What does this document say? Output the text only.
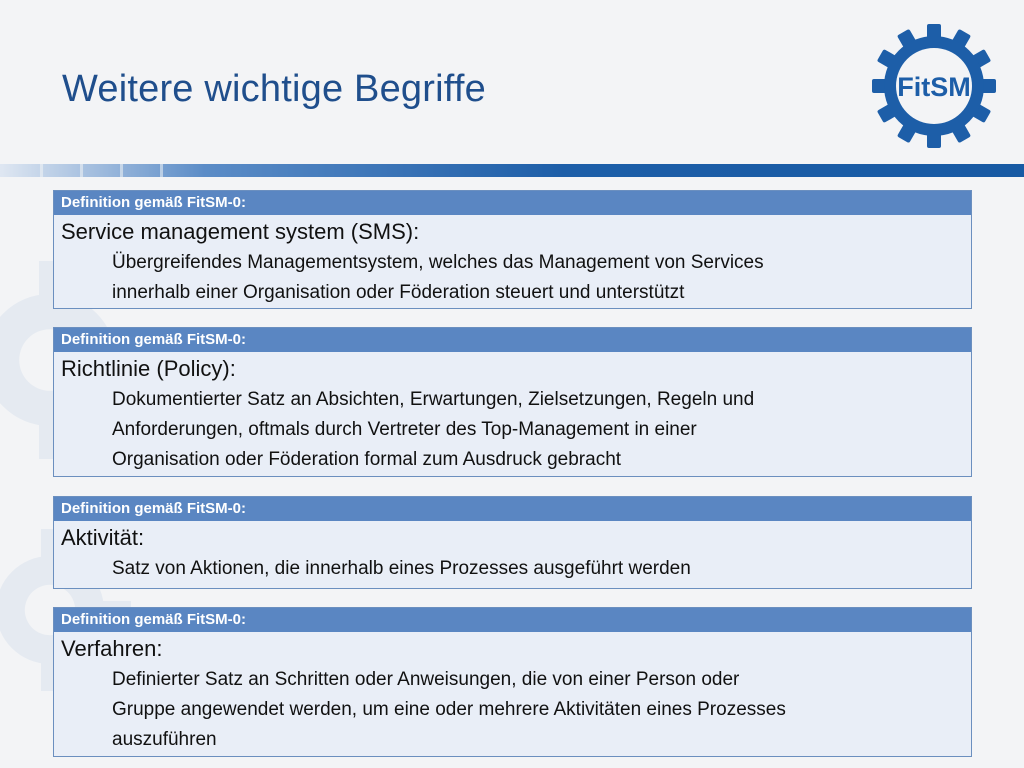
Weitere wichtige Begriffe	FitSM
Definition gemäß FitSM-0:
Service management system (SMS):
Übergreifendes Managementsystem, welches das Management von Services
innerhalb einer Organisation oder Föderation steuert und unterstützt
Definition gemäß FitSM-0:
Richtlinie (Policy):
Dokumentierter Satz an Absichten, Erwartungen, Zielsetzungen, Regeln und
Anforderungen, oftmals durch Vertreter des Top-Management in einer
Organisation oder Föderation formal zum Ausdruck gebracht
Definition gemäß FitSM-0:
Aktivität:
Satz von Aktionen, die innerhalb eines Prozesses ausgeführt werden
Definition gemäß FitSM-0:
Verfahren:
Definierter Satz an Schritten oder Anweisungen, die von einer Person oder
Gruppe angewendet werden, um eine oder mehrere Aktivitäten eines Prozesses
auszuführen
